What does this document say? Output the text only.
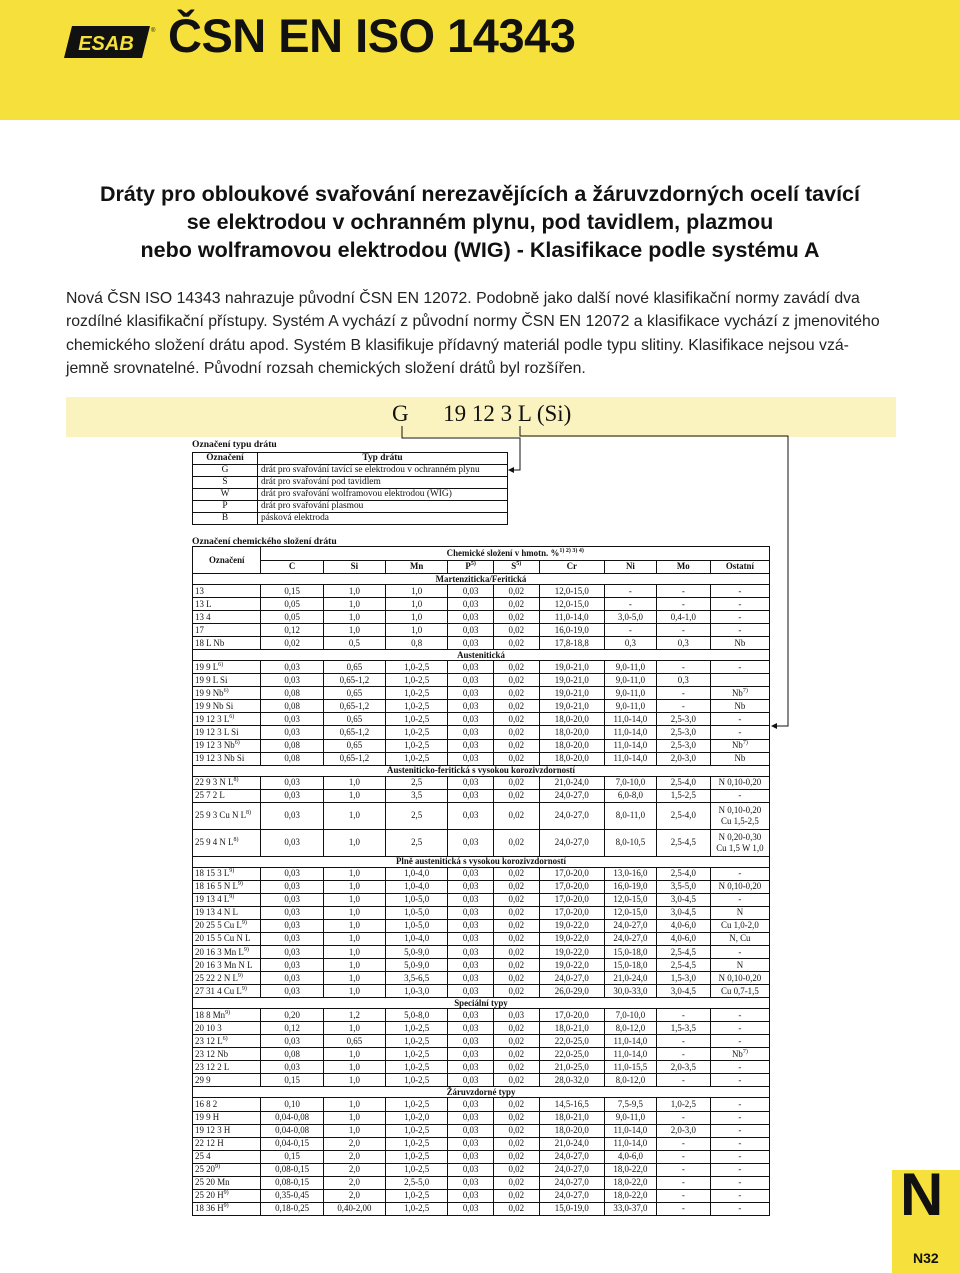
ESAB
® ČSN EN ISO 14343
Dráty pro obloukové svařování nerezavějících a žáruvzdorných ocelí tavící
se elektrodou v ochranném plynu, pod tavidlem, plazmou
nebo wolframovou elektrodou (WIG) - Klasifikace podle systému A
Nová ČSN ISO 14343 nahrazuje původní ČSN EN 12072. Podobně jako další nové klasifikační normy zavádí dva
rozdílné klasifikační přístupy. Systém A vychází z původní normy ČSN EN 12072 a klasifikace vychází z jmenovitého
chemického složení drátu apod. Systém B klasifikuje přídavný materiál podle typu slitiny. Klasifikace nejsou vzá-
jemně srovnatelné. Původní rozsah chemických složení drátů byl rozšířen.
G 19 12 3 L (Si)
Označení typu drátu
Označení	Typ drátu
G	drát pro svařování tavící se elektrodou v ochranném plynu
S	drát pro svařování pod tavidlem
W	drát pro svařování wolframovou elektrodou (WIG)
P	drát pro svařování plasmou
B	pásková elektroda
Označení chemického složení drátu
Označení	Chemické složení v hmotn. %$^{1) 2) 3) 4)}$
	C	Si	Mn	$P^{5)}$	$S^{5)}$	Cr	Ni	Mo	Ostatní
Martenziticka/Feritická									
13	0,15	1,0	1,0	0,03	0,02	12,0-15,0	-	-	-
13 L	0,05	1,0	1,0	0,03	0,02	12,0-15,0	-	-	-
13 4	0,05	1,0	1,0	0,03	0,02	11,0-14,0	3,0-5,0	0,4-1,0	-
17	0,12	1,0	1,0	0,03	0,02	16,0-19,0	-	-	-
18 L Nb	0,02	0,5	0,8	0,03	0,02	17,8-18,8	0,3	0,3	Nb
Austenitická									
19 9 $L^{6)}$	0,03	0,65	1,0-2,5	0,03	0,02	19,0-21,0	9,0-11,0	-	-
19 9 L Si	0,03	0,65-1,2	1,0-2,5	0,03	0,02	19,0-21,0	9,0-11,0	0,3	
19 9 Nb$^{6)}$	0,08	0,65	1,0-2,5	0,03	0,02	19,0-21,0	9,0-11,0	-	Nb$^{7)}$
19 9 Nb Si	0,08	0,65-1,2	1,0-2,5	0,03	0,02	19,0-21,0	9,0-11,0	-	Nb
19 12 3 $L^{6)}$	0,03	0,65	1,0-2,5	0,03	0,02	18,0-20,0	11,0-14,0	2,5-3,0	-
19 12 3 L Si	0,03	0,65-1,2	1,0-2,5	0,03	0,02	18,0-20,0	11,0-14,0	2,5-3,0	-
19 12 3 Nb$^{6)}$	0,08	0,65	1,0-2,5	0,03	0,02	18,0-20,0	11,0-14,0	2,5-3,0	Nb$^{7)}$
19 12 3 Nb Si	0,08	0,65-1,2	1,0-2,5	0,03	0,02	18,0-20,0	11,0-14,0	2,0-3,0	Nb
Austeniticko-feritická s vysokou korozivzdorností									
22 9 3 N $L^{8)}$	0,03	1,0	2,5	0,03	0,02	21,0-24,0	7,0-10,0	2,5-4,0	N 0,10-0,20
25 7 2 L	0,03	1,0	3,5	0,03	0,02	24,0-27,0	6,0-8,0	1,5-2,5	-
25 9 3 Cu N $L^{8)}$	0,03	1,0	2,5	0,03	0,02	24,0-27,0	8,0-11,0	2,5-4,0	N 0,10-0,20 Cu 1,5-2,5
25 9 4 N $L^{8)}$	0,03	1,0	2,5	0,03	0,02	24,0-27,0	8,0-10,5	2,5-4,5	N 0,20-0,30 Cu 1,5 W 1,0
Plně austenitická s vysokou korozivzdorností									
18 15 3 $L^{9)}$	0,03	1,0	1,0-4,0	0,03	0,02	17,0-20,0	13,0-16,0	2,5-4,0	-
18 16 5 N $L^{9)}$	0,03	1,0	1,0-4,0	0,03	0,02	17,0-20,0	16,0-19,0	3,5-5,0	N 0,10-0,20
19 13 4 $L^{9)}$	0,03	1,0	1,0-5,0	0,03	0,02	17,0-20,0	12,0-15,0	3,0-4,5	-
19 13 4 N L	0,03	1,0	1,0-5,0	0,03	0,02	17,0-20,0	12,0-15,0	3,0-4,5	N
20 25 5 Cu $L^{9)}$	0,03	1,0	1,0-5,0	0,03	0,02	19,0-22,0	24,0-27,0	4,0-6,0	Cu 1,0-2,0
20 15 5 Cu N L	0,03	1,0	1,0-4,0	0,03	0,02	19,0-22,0	24,0-27,0	4,0-6,0	N, Cu
20 16 3 Mn $L^{9)}$	0,03	1,0	5,0-9,0	0,03	0,02	19,0-22,0	15,0-18,0	2,5-4,5	-
20 16 3 Mn N L	0,03	1,0	5,0-9,0	0,03	0,02	19,0-22,0	15,0-18,0	2,5-4,5	N
25 22 2 N $L^{9)}$	0,03	1,0	3,5-6,5	0,03	0,02	24,0-27,0	21,0-24,0	1,5-3,0	N 0,10-0,20
27 31 4 Cu $L^{9)}$	0,03	1,0	1,0-3,0	0,03	0,02	26,0-29,0	30,0-33,0	3,0-4,5	Cu 0,7-1,5
Speciální typy									
18 8 Mn$^{9)}$	0,20	1,2	5,0-8,0	0,03	0,03	17,0-20,0	7,0-10,0	-	-
20 10 3	0,12	1,0	1,0-2,5	0,03	0,02	18,0-21,0	8,0-12,0	1,5-3,5	-
23 12 $L^{6)}$	0,03	0,65	1,0-2,5	0,03	0,02	22,0-25,0	11,0-14,0	-	-
23 12 Nb	0,08	1,0	1,0-2,5	0,03	0,02	22,0-25,0	11,0-14,0	-	Nb$^{7)}$
23 12 2 L	0,03	1,0	1,0-2,5	0,03	0,02	21,0-25,0	11,0-15,5	2,0-3,5	-
29 9	0,15	1,0	1,0-2,5	0,03	0,02	28,0-32,0	8,0-12,0	-	-
Žáruvzdorné typy									
16 8 2	0,10	1,0	1,0-2,5	0,03	0,02	14,5-16,5	7,5-9,5	1,0-2,5	-
19 9 H	0,04-0,08	1,0	1,0-2,0	0,03	0,02	18,0-21,0	9,0-11,0	-	-
19 12 3 H	0,04-0,08	1,0	1,0-2,5	0,03	0,02	18,0-20,0	11,0-14,0	2,0-3,0	-
22 12 H	0,04-0,15	2,0	1,0-2,5	0,03	0,02	21,0-24,0	11,0-14,0	-	-
25 4	0,15	2,0	1,0-2,5	0,03	0,02	24,0-27,0	4,0-6,0	-	-
25 20$^{9)}$	0,08-0,15	2,0	1,0-2,5	0,03	0,02	24,0-27,0	18,0-22,0	-	-
25 20 Mn	0,08-0,15	2,0	2,5-5,0	0,03	0,02	24,0-27,0	18,0-22,0	-	-
25 20 $H^{9)}$	0,35-0,45	2,0	1,0-2,5	0,03	0,02	24,0-27,0	18,0-22,0	-	-
18 36 $H^{9)}$	0,18-0,25	0,40-2,00	1,0-2,5	0,03	0,02	15,0-19,0	33,0-37,0	-	-	N
N32
